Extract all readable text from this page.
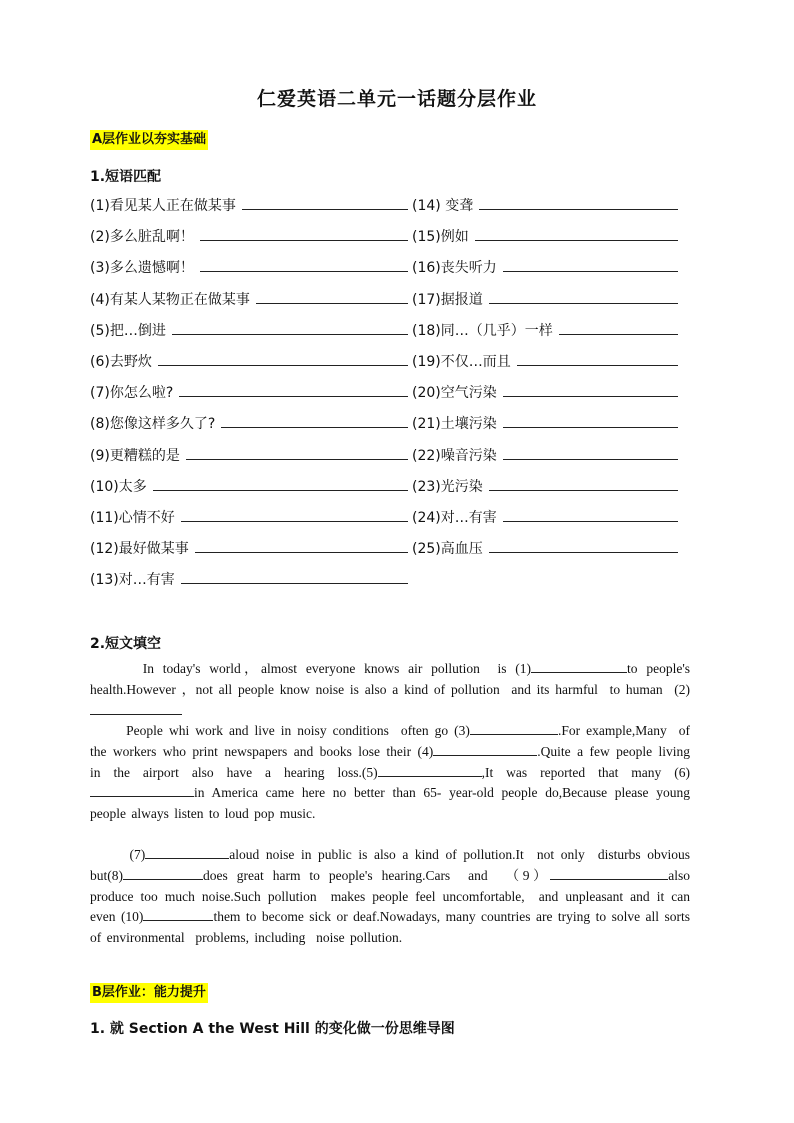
仁爱英语二单元一话题分层作业
A层作业以夯实基础
1.短语匹配
(1)看见某人正在做某事
(2)多么脏乱啊！
(3)多么遗憾啊！
(4)有某人某物正在做某事
(5)把…倒进
(6)去野炊
(7)你怎么啦?
(8)您像这样多久了?
(9)更糟糕的是
(10)太多
(11)心情不好
(12)最好做某事
(13)对…有害
(14) 变聋
(15)例如
(16)丧失听力
(17)据报道
(18)同…（几乎）一样
(19)不仅…而且
(20)空气污染
(21)土壤污染
(22)噪音污染
(23)光污染
(24)对…有害
(25)高血压
2.短文填空
In today's world，almost everyone knows air pollution  is (1)	to people's health.However ，not all people know noise is also a kind of pollution  and its harmful  to human  (2)
People whi work and live in noisy conditions  often go (3)	.For example,Many  of the workers who print newspapers and books lose their (4)	.Quite a few people living  in the airport also have a hearing loss.(5)	,It was reported that many (6)in America came here no better than 65- year-old people do,Because please young people always listen to loud pop music.
(7)	aloud noise in public is also a kind of pollution.It  not only  disturbs obvious but(8)	does great harm to people's hearing.Cars  and  （9）	also produce too much noise.Such pollution  makes people feel uncomfortable,  and unpleasant and it can even (10)	them to become sick or deaf.Nowadays, many countries are trying to solve all sorts of environmental  problems, including  noise pollution.
B层作业：能力提升
1. 就 Section A the West Hill 的变化做一份思维导图
